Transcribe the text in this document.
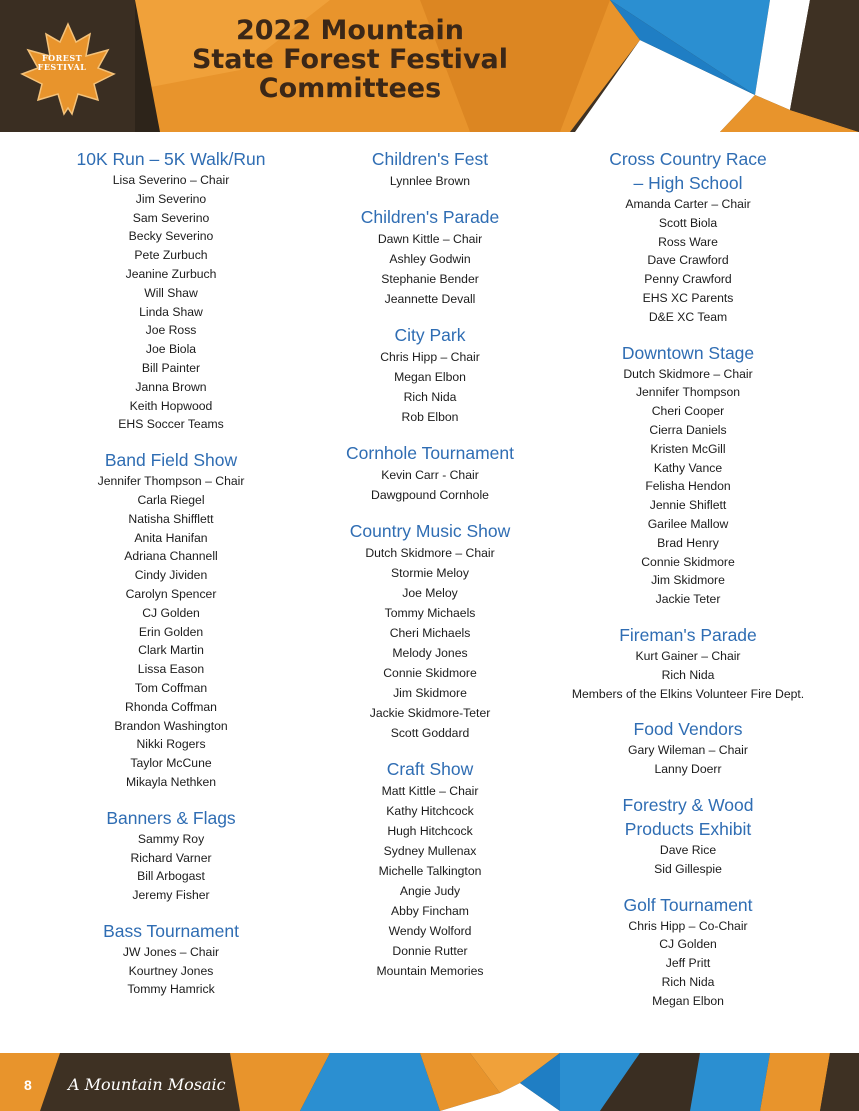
FOREST
FESTIVAL
2022 Mountain
State Forest Festival
Committees
10K Run – 5K Walk/Run
Lisa Severino – Chair
Jim Severino
Sam Severino
Becky Severino
Pete Zurbuch
Jeanine Zurbuch
Will Shaw
Linda Shaw
Joe Ross
Joe Biola
Bill Painter
Janna Brown
Keith Hopwood
EHS Soccer Teams
Band Field Show
Jennifer Thompson – Chair
Carla Riegel
Natisha Shifflett
Anita Hanifan
Adriana Channell
Cindy Jividen
Carolyn Spencer
CJ Golden
Erin Golden
Clark Martin
Lissa Eason
Tom Coffman
Rhonda Coffman
Brandon Washington
Nikki Rogers
Taylor McCune
Mikayla Nethken
Banners & Flags
Sammy Roy
Richard Varner
Bill Arbogast
Jeremy Fisher
Bass Tournament
JW Jones – Chair
Kourtney Jones
Tommy Hamrick
Children's Fest
Lynnlee Brown
Children's Parade
Dawn Kittle – Chair
Ashley Godwin
Stephanie Bender
Jeannette Devall
City Park
Chris Hipp – Chair
Megan Elbon
Rich Nida
Rob Elbon
Cornhole Tournament
Kevin Carr - Chair
Dawgpound Cornhole
Country Music Show
Dutch Skidmore – Chair
Stormie Meloy
Joe Meloy
Tommy Michaels
Cheri Michaels
Melody Jones
Connie Skidmore
Jim Skidmore
Jackie Skidmore-Teter
Scott Goddard
Craft Show
Matt Kittle – Chair
Kathy Hitchcock
Hugh Hitchcock
Sydney Mullenax
Michelle Talkington
Angie Judy
Abby Fincham
Wendy Wolford
Donnie Rutter
Mountain Memories
Cross Country Race
– High School
Amanda Carter – Chair
Scott Biola
Ross Ware
Dave Crawford
Penny Crawford
EHS XC Parents
D&E XC Team
Downtown Stage
Dutch Skidmore – Chair
Jennifer Thompson
Cheri Cooper
Cierra Daniels
Kristen McGill
Kathy Vance
Felisha Hendon
Jennie Shiflett
Garilee Mallow
Brad Henry
Connie Skidmore
Jim Skidmore
Jackie Teter
Fireman's Parade
Kurt Gainer – Chair
Rich Nida
Members of the Elkins Volunteer Fire Dept.
Food Vendors
Gary Wileman – Chair
Lanny Doerr
Forestry & Wood
Products Exhibit
Dave Rice
Sid Gillespie
Golf Tournament
Chris Hipp – Co-Chair
CJ Golden
Jeff Pritt
Rich Nida
Megan Elbon
8 A Mountain Mosaic
